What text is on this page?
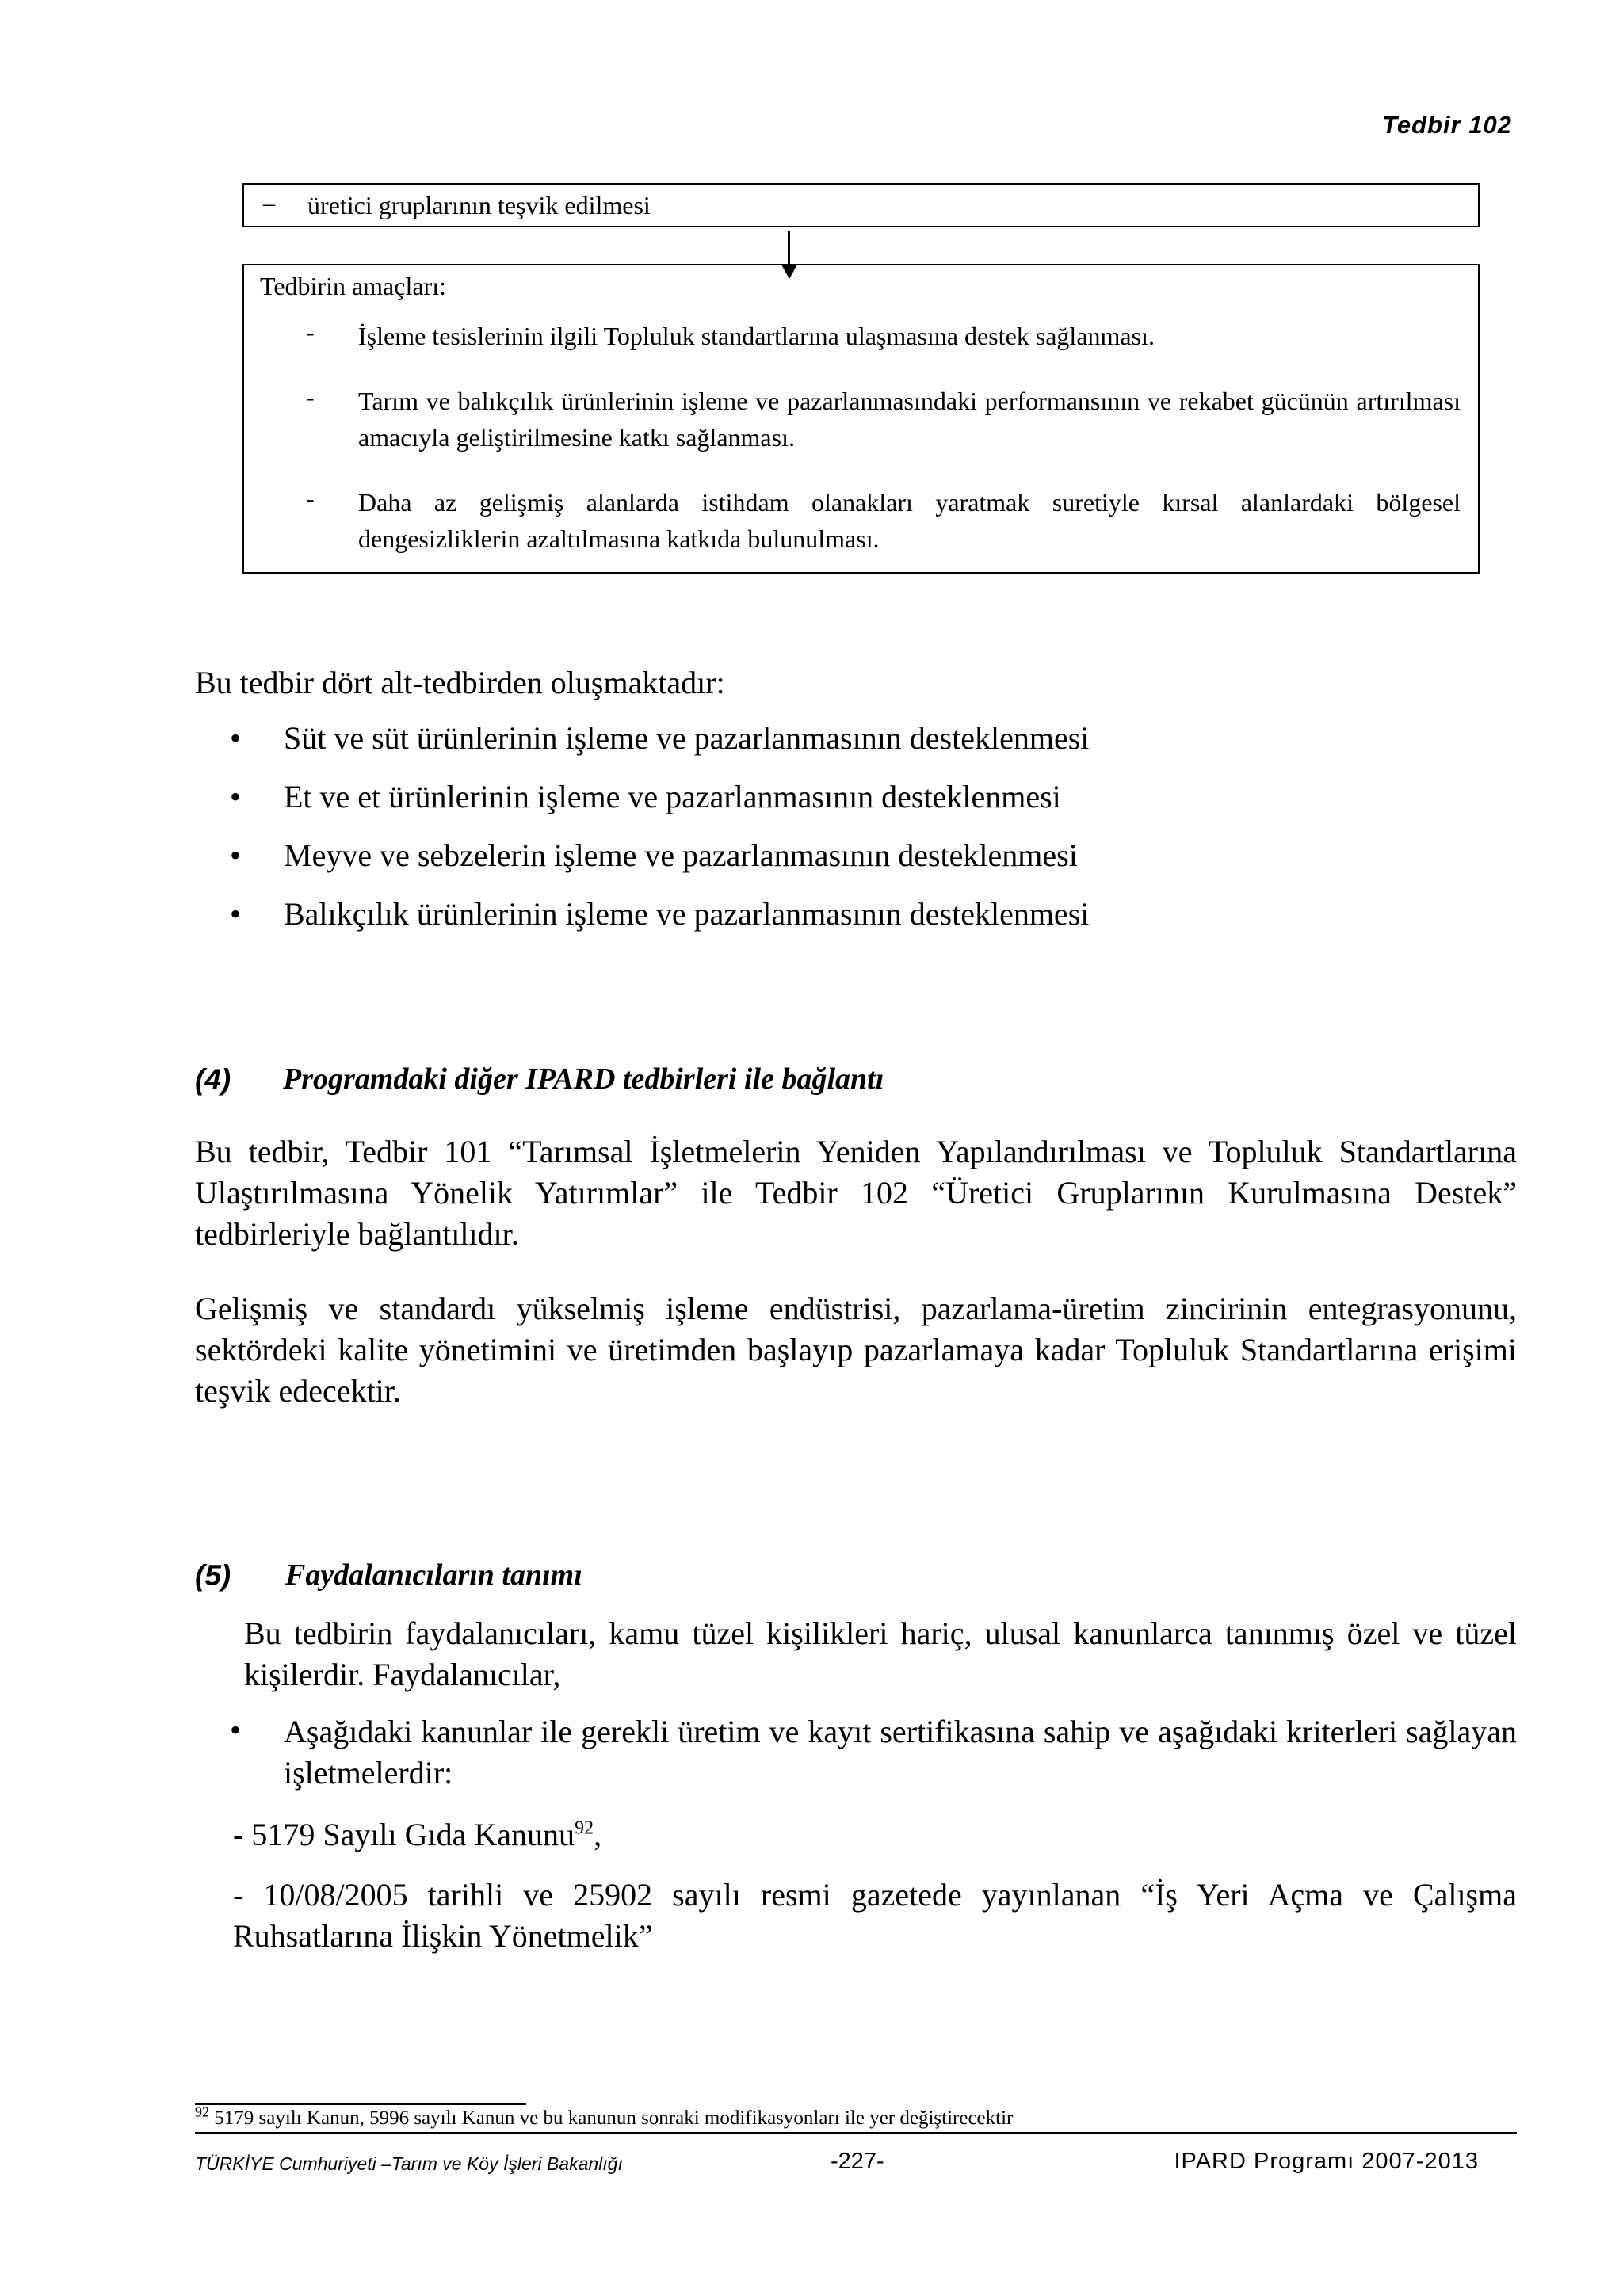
Tedbir 102
– üretici gruplarının teşvik edilmesi
Tedbirin amaçları:
- İşleme tesislerinin ilgili Topluluk standartlarına ulaşmasına destek sağlanması.
- Tarım ve balıkçılık ürünlerinin işleme ve pazarlanmasındaki performansının ve rekabet gücünün artırılması amacıyla geliştirilmesine katkı sağlanması.
- Daha az gelişmiş alanlarda istihdam olanakları yaratmak suretiyle kırsal alanlardaki bölgesel dengesizliklerin azaltılmasına katkıda bulunulması.
Bu tedbir dört alt-tedbirden oluşmaktadır:
• Süt ve süt ürünlerinin işleme ve pazarlanmasının desteklenmesi
• Et ve et ürünlerinin işleme ve pazarlanmasının desteklenmesi
• Meyve ve sebzelerin işleme ve pazarlanmasının desteklenmesi
• Balıkçılık ürünlerinin işleme ve pazarlanmasının desteklenmesi
(4) Programdaki diğer IPARD tedbirleri ile bağlantı
Bu tedbir, Tedbir 101 “Tarımsal İşletmelerin Yeniden Yapılandırılması ve Topluluk Standartlarına Ulaştırılmasına Yönelik Yatırımlar” ile Tedbir 102 “Üretici Gruplarının Kurulmasına Destek” tedbirleriyle bağlantılıdır.
Gelişmiş ve standardı yükselmiş işleme endüstrisi, pazarlama-üretim zincirinin entegrasyonunu, sektördeki kalite yönetimini ve üretimden başlayıp pazarlamaya kadar Topluluk Standartlarına erişimi teşvik edecektir.
(5) Faydalanıcıların tanımı
Bu tedbirin faydalanıcıları, kamu tüzel kişilikleri hariç, ulusal kanunlarca tanınmış özel ve tüzel kişilerdir. Faydalanıcılar,
• Aşağıdaki kanunlar ile gerekli üretim ve kayıt sertifikasına sahip ve aşağıdaki kriterleri sağlayan işletmelerdir:
- 5179 Sayılı Gıda Kanunu$^{92}$,
- 10/08/2005 tarihli ve 25902 sayılı resmi gazetede yayınlanan “İş Yeri Açma ve Çalışma Ruhsatlarına İlişkin Yönetmelik”
$^{92}$ 5179 sayılı Kanun, 5996 sayılı Kanun ve bu kanunun sonraki modifikasyonları ile yer değiştirecektir
TÜRKİYE Cumhuriyeti –Tarım ve Köy İşleri Bakanlığı	-227-	IPARD Programı 2007-2013
